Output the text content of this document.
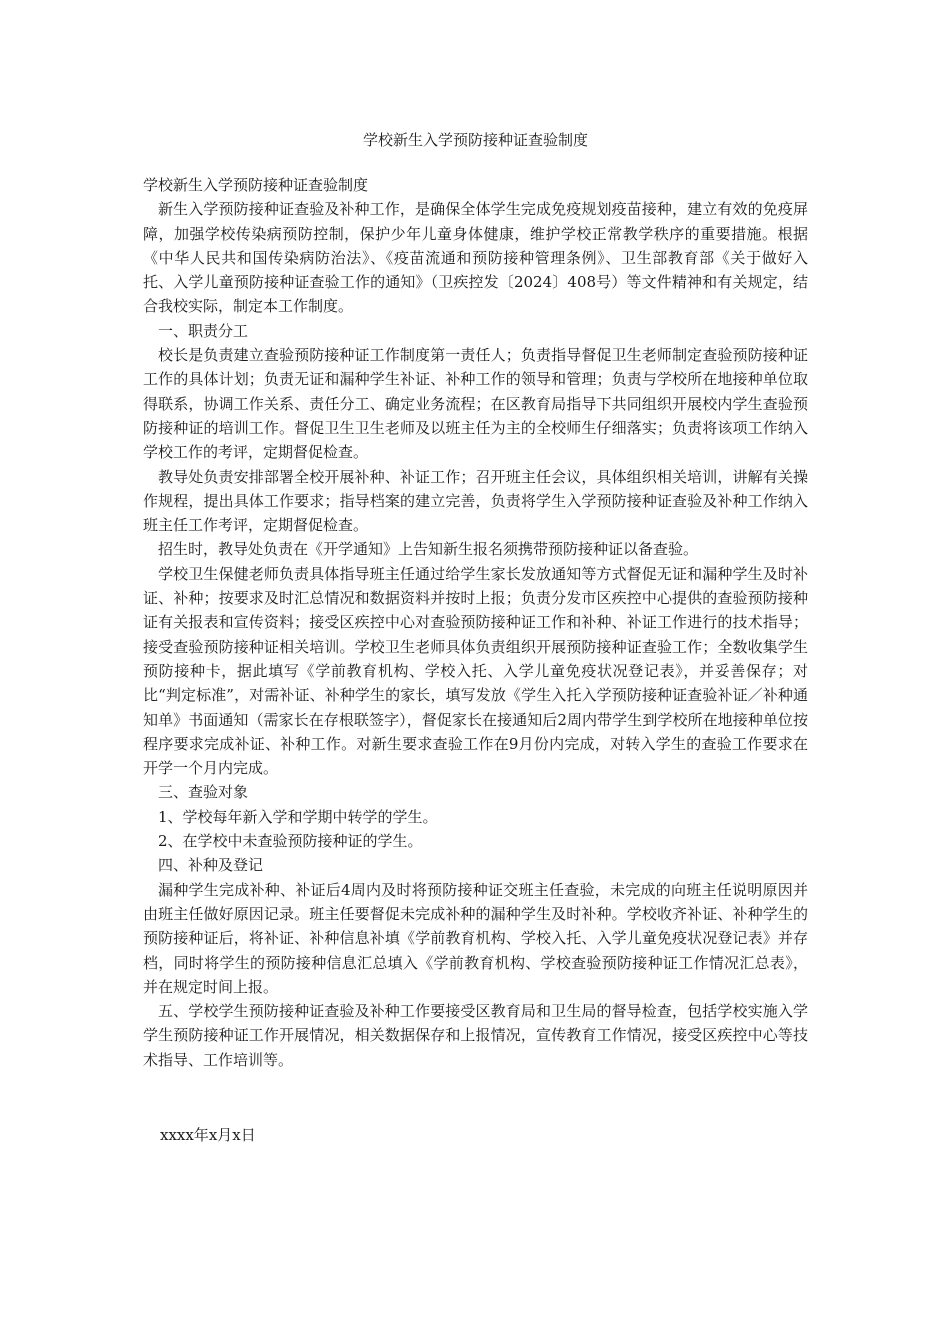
学校新生入学预防接种证查验制度

学校新生入学预防接种证查验制度

新生入学预防接种证查验及补种工作，是确保全体学生完成免疫规划疫苗接种，建立有效的免疫屏障，加强学校传染病预防控制，保护少年儿童身体健康，维护学校正常教学秩序的重要措施。根据《中华人民共和国传染病防治法》、《疫苗流通和预防接种管理条例》、卫生部教育部《关于做好入托、入学儿童预防接种证查验工作的通知》（卫疾控发〔2024〕408号）等文件精神和有关规定，结合我校实际，制定本工作制度。

一、职责分工

校长是负责建立查验预防接种证工作制度第一责任人；负责指导督促卫生老师制定查验预防接种证工作的具体计划；负责无证和漏种学生补证、补种工作的领导和管理；负责与学校所在地接种单位取得联系，协调工作关系、责任分工、确定业务流程；在区教育局指导下共同组织开展校内学生查验预防接种证的培训工作。督促卫生卫生老师及以班主任为主的全校师生仔细落实；负责将该项工作纳入学校工作的考评，定期督促检查。

教导处负责安排部署全校开展补种、补证工作；召开班主任会议，具体组织相关培训，讲解有关操作规程，提出具体工作要求；指导档案的建立完善，负责将学生入学预防接种证查验及补种工作纳入班主任工作考评，定期督促检查。

招生时，教导处负责在《开学通知》上告知新生报名须携带预防接种证以备查验。

学校卫生保健老师负责具体指导班主任通过给学生家长发放通知等方式督促无证和漏种学生及时补证、补种；按要求及时汇总情况和数据资料并按时上报；负责分发市区疾控中心提供的查验预防接种证有关报表和宣传资料；接受区疾控中心对查验预防接种证工作和补种、补证工作进行的技术指导；接受查验预防接种证相关培训。学校卫生老师具体负责组织开展预防接种证查验工作；全数收集学生预防接种卡，据此填写《学前教育机构、学校入托、入学儿童免疫状况登记表》，并妥善保存；对比“判定标准”，对需补证、补种学生的家长，填写发放《学生入托入学预防接种证查验补证／补种通知单》书面通知（需家长在存根联签字），督促家长在接通知后2周内带学生到学校所在地接种单位按程序要求完成补证、补种工作。对新生要求查验工作在9月份内完成，对转入学生的查验工作要求在开学一个月内完成。

三、查验对象

1、学校每年新入学和学期中转学的学生。

2、在学校中未查验预防接种证的学生。

四、补种及登记

漏种学生完成补种、补证后4周内及时将预防接种证交班主任查验，未完成的向班主任说明原因并由班主任做好原因记录。班主任要督促未完成补种的漏种学生及时补种。学校收齐补证、补种学生的预防接种证后，将补证、补种信息补填《学前教育机构、学校入托、入学儿童免疫状况登记表》并存档，同时将学生的预防接种信息汇总填入《学前教育机构、学校查验预防接种证工作情况汇总表》，并在规定时间上报。

五、学校学生预防接种证查验及补种工作要接受区教育局和卫生局的督导检查，包括学校实施入学学生预防接种证工作开展情况，相关数据保存和上报情况，宣传教育工作情况，接受区疾控中心等技术指导、工作培训等。

xxxx年x月x日
